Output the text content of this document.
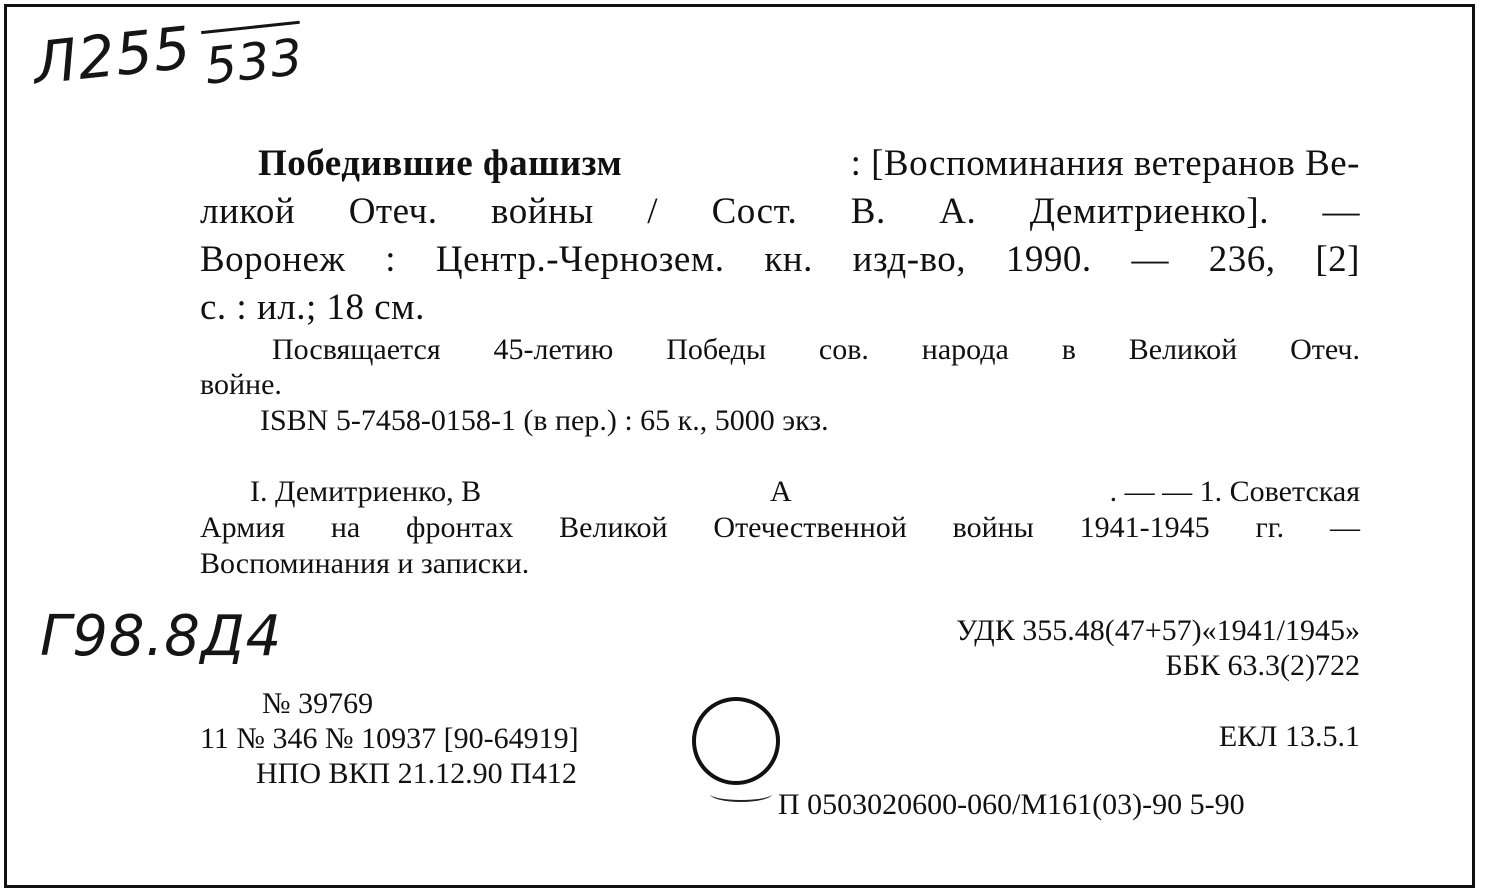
Л255 533
Победившие фашизм	: [Воспоминания ветеранов Ве-
ликой Отеч. войны / Сост. В. А. Демитриенко]. —
Воронеж : Центр.-Чернозем. кн. изд-во, 1990. — 236, [2]
с. : ил.; 18 см.
Посвящается 45-летию Победы сов. народа в Великой Отеч.
войне.
ISBN 5-7458-0158-1 (в пер.) : 65 к., 5000 экз.
I. Демитриенко, В	А	. — — 1. Советская
Армия на фронтах Великой Отечественной войны 1941-1945 гг. —
Воспоминания и записки.
Г98.8Д4	УДК 355.48(47+57)«1941/1945»
ББК 63.3(2)722
ЕКЛ 13.5.1
П 0503020600-060/М161(03)-90 5-90
№ 39769
11 № 346 № 10937 [90-64919]
НПО ВКП 21.12.90 П412
